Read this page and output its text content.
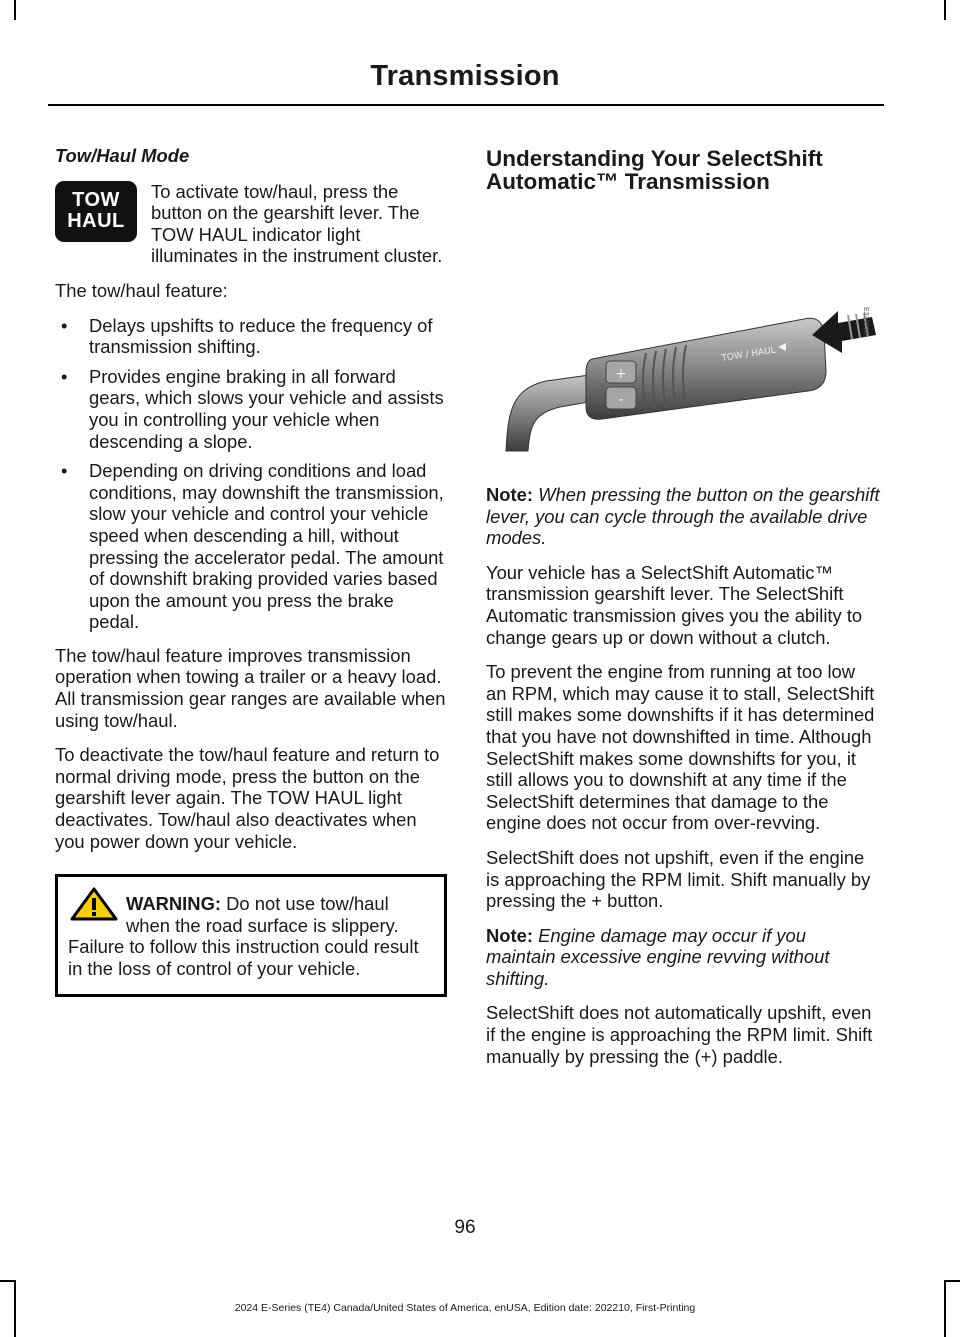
Transmission
Tow/Haul Mode
TOW
HAUL

To activate tow/haul, press the button on the gearshift lever. The TOW HAUL indicator light illuminates in the instrument cluster.

The tow/haul feature:

• Delays upshifts to reduce the frequency of transmission shifting.
• Provides engine braking in all forward gears, which slows your vehicle and assists you in controlling your vehicle when descending a slope.
• Depending on driving conditions and load conditions, may downshift the transmission, slow your vehicle and control your vehicle speed when descending a hill, without pressing the accelerator pedal. The amount of downshift braking provided varies based upon the amount you press the brake pedal.

The tow/haul feature improves transmission operation when towing a trailer or a heavy load. All transmission gear ranges are available when using tow/haul.

To deactivate the tow/haul feature and return to normal driving mode, press the button on the gearshift lever again. The TOW HAUL light deactivates. Tow/haul also deactivates when you power down your vehicle.

WARNING: Do not use tow/haul when the road surface is slippery. Failure to follow this instruction could result in the loss of control of your vehicle.
Understanding Your SelectShift Automatic™ Transmission
+
-
TOW / HAUL
E339938

Note: When pressing the button on the gearshift lever, you can cycle through the available drive modes.

Your vehicle has a SelectShift Automatic™ transmission gearshift lever. The SelectShift Automatic transmission gives you the ability to change gears up or down without a clutch.

To prevent the engine from running at too low an RPM, which may cause it to stall, SelectShift still makes some downshifts if it has determined that you have not downshifted in time. Although SelectShift makes some downshifts for you, it still allows you to downshift at any time if the SelectShift determines that damage to the engine does not occur from over-revving.

SelectShift does not upshift, even if the engine is approaching the RPM limit. Shift manually by pressing the + button.

Note: Engine damage may occur if you maintain excessive engine revving without shifting.

SelectShift does not automatically upshift, even if the engine is approaching the RPM limit. Shift manually by pressing the (+) paddle.

96
2024 E-Series (TE4) Canada/United States of America, enUSA, Edition date: 202210, First-Printing
